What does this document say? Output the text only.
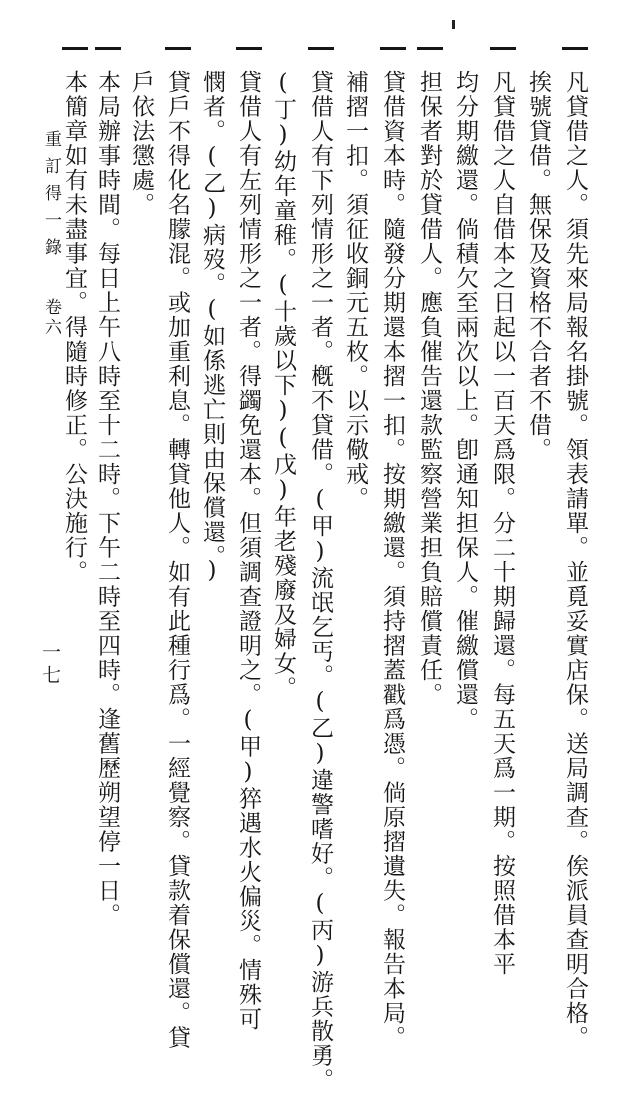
凡貸借之人。須先來局報名掛號。領表請單。並覓妥實店保。送局調查。俟派員查明合格。
挨號貸借。無保及資格不合者不借。
凡貸借之人自借本之日起以一百天爲限。分二十期歸還。每五天爲一期。按照借本平
均分期繳還。倘積欠至兩次以上。卽通知担保人。催繳償還。
担保者對於貸借人。應負催告還款監察營業担負賠償責任。
貸借資本時。隨發分期還本摺一扣。按期繳還。須持摺蓋戳爲憑。倘原摺遺失。報告本局。
補摺一扣。須征收銅元五枚。以示儆戒。
貸借人有下列情形之一者。槪不貸借。(甲)流氓乞丐。(乙)違警嗜好。(丙)游兵散勇。
(丁)幼年童稚。(十歲以下)(戊)年老殘廢及婦女。
貸借人有左列情形之一者。得蠲免還本。但須調查證明之。(甲)猝遇水火偏災。情殊可
憫者。(乙)病歿。(如係逃亡則由保償還。)
貸戶不得化名朦混。或加重利息。轉貸他人。如有此種行爲。一經覺察。貸款着保償還。貸
戶依法懲處。
本局辦事時間。每日上午八時至十二時。下午二時至四時。逢舊歷朔望停一日。
本簡章如有未盡事宜。得隨時修正。公決施行。
重訂得一錄
卷六
一七
